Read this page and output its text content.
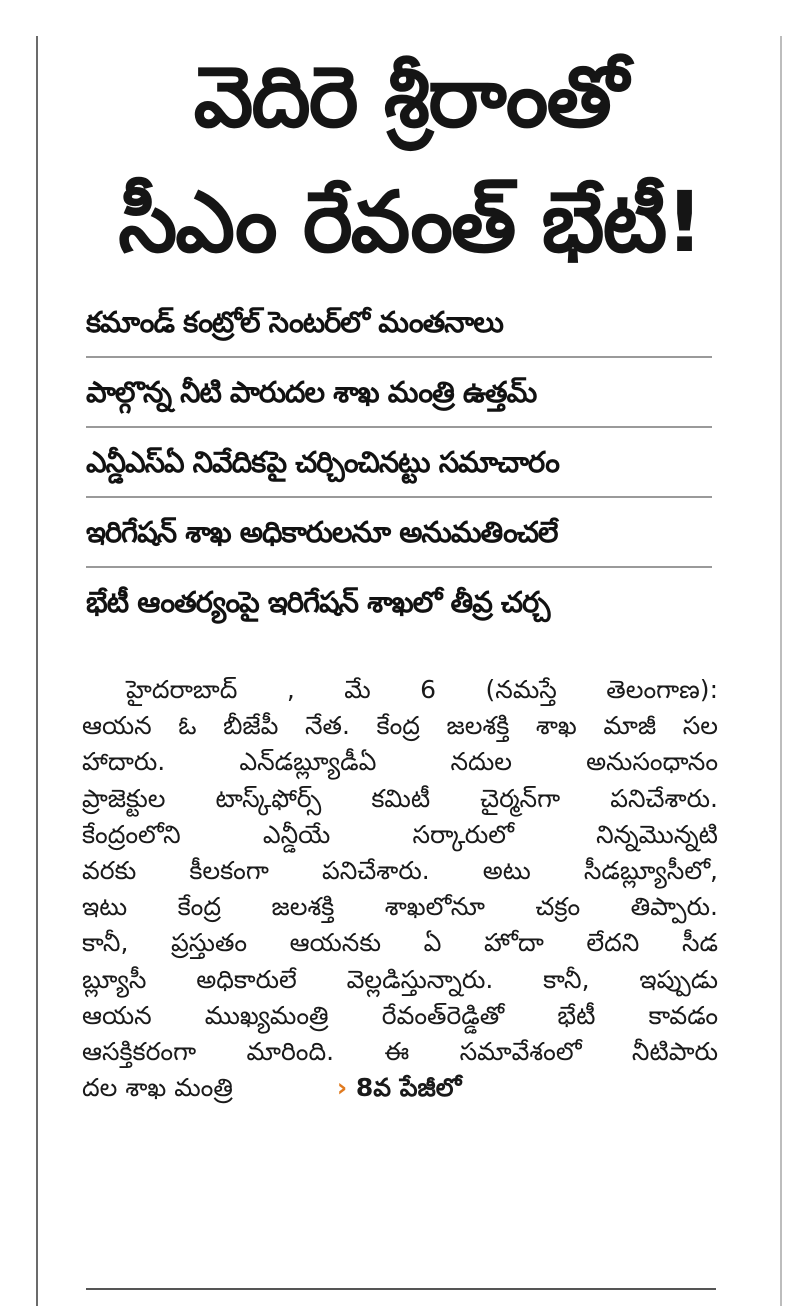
వెదిరె శ్రీరాంతో
సీఎం రేవంత్ భేటీ!
కమాండ్ కంట్రోల్ సెంటర్‌లో మంతనాలు
పాల్గొన్న నీటి పారుదల శాఖ మంత్రి ఉత్తమ్
ఎన్డీఎస్ఏ నివేదికపై చర్చించినట్టు సమాచారం
ఇరిగేషన్ శాఖ అధికారులనూ అనుమతించలే
భేటీ ఆంతర్యంపై ఇరిగేషన్ శాఖలో తీవ్ర చర్చ
హైదరాబాద్ , మే 6 (నమస్తే తెలంగాణ):
ఆయన ఓ బీజేపీ నేత. కేంద్ర జలశక్తి శాఖ మాజీ సల
హాదారు. ఎన్‌డబ్ల్యూడీఏ నదుల అనుసంధానం
ప్రాజెక్టుల టాస్క్‌ఫోర్స్ కమిటీ చైర్మన్‌గా పనిచేశారు.
కేంద్రంలోని ఎన్డీయే సర్కారులో నిన్నమొన్నటి
వరకు కీలకంగా పనిచేశారు. అటు సీడబ్ల్యూసీలో,
ఇటు కేంద్ర జలశక్తి శాఖలోనూ చక్రం తిప్పారు.
కానీ, ప్రస్తుతం ఆయనకు ఏ హోదా లేదని సీడ
బ్ల్యూసీ అధికారులే వెల్లడిస్తున్నారు. కానీ, ఇప్పుడు
ఆయన ముఖ్యమంత్రి రేవంత్‌రెడ్డితో భేటీ కావడం
ఆసక్తికరంగా మారింది. ఈ సమావేశంలో నీటిపారు
దల శాఖ మంత్రి	› 8వ పేజీలో
